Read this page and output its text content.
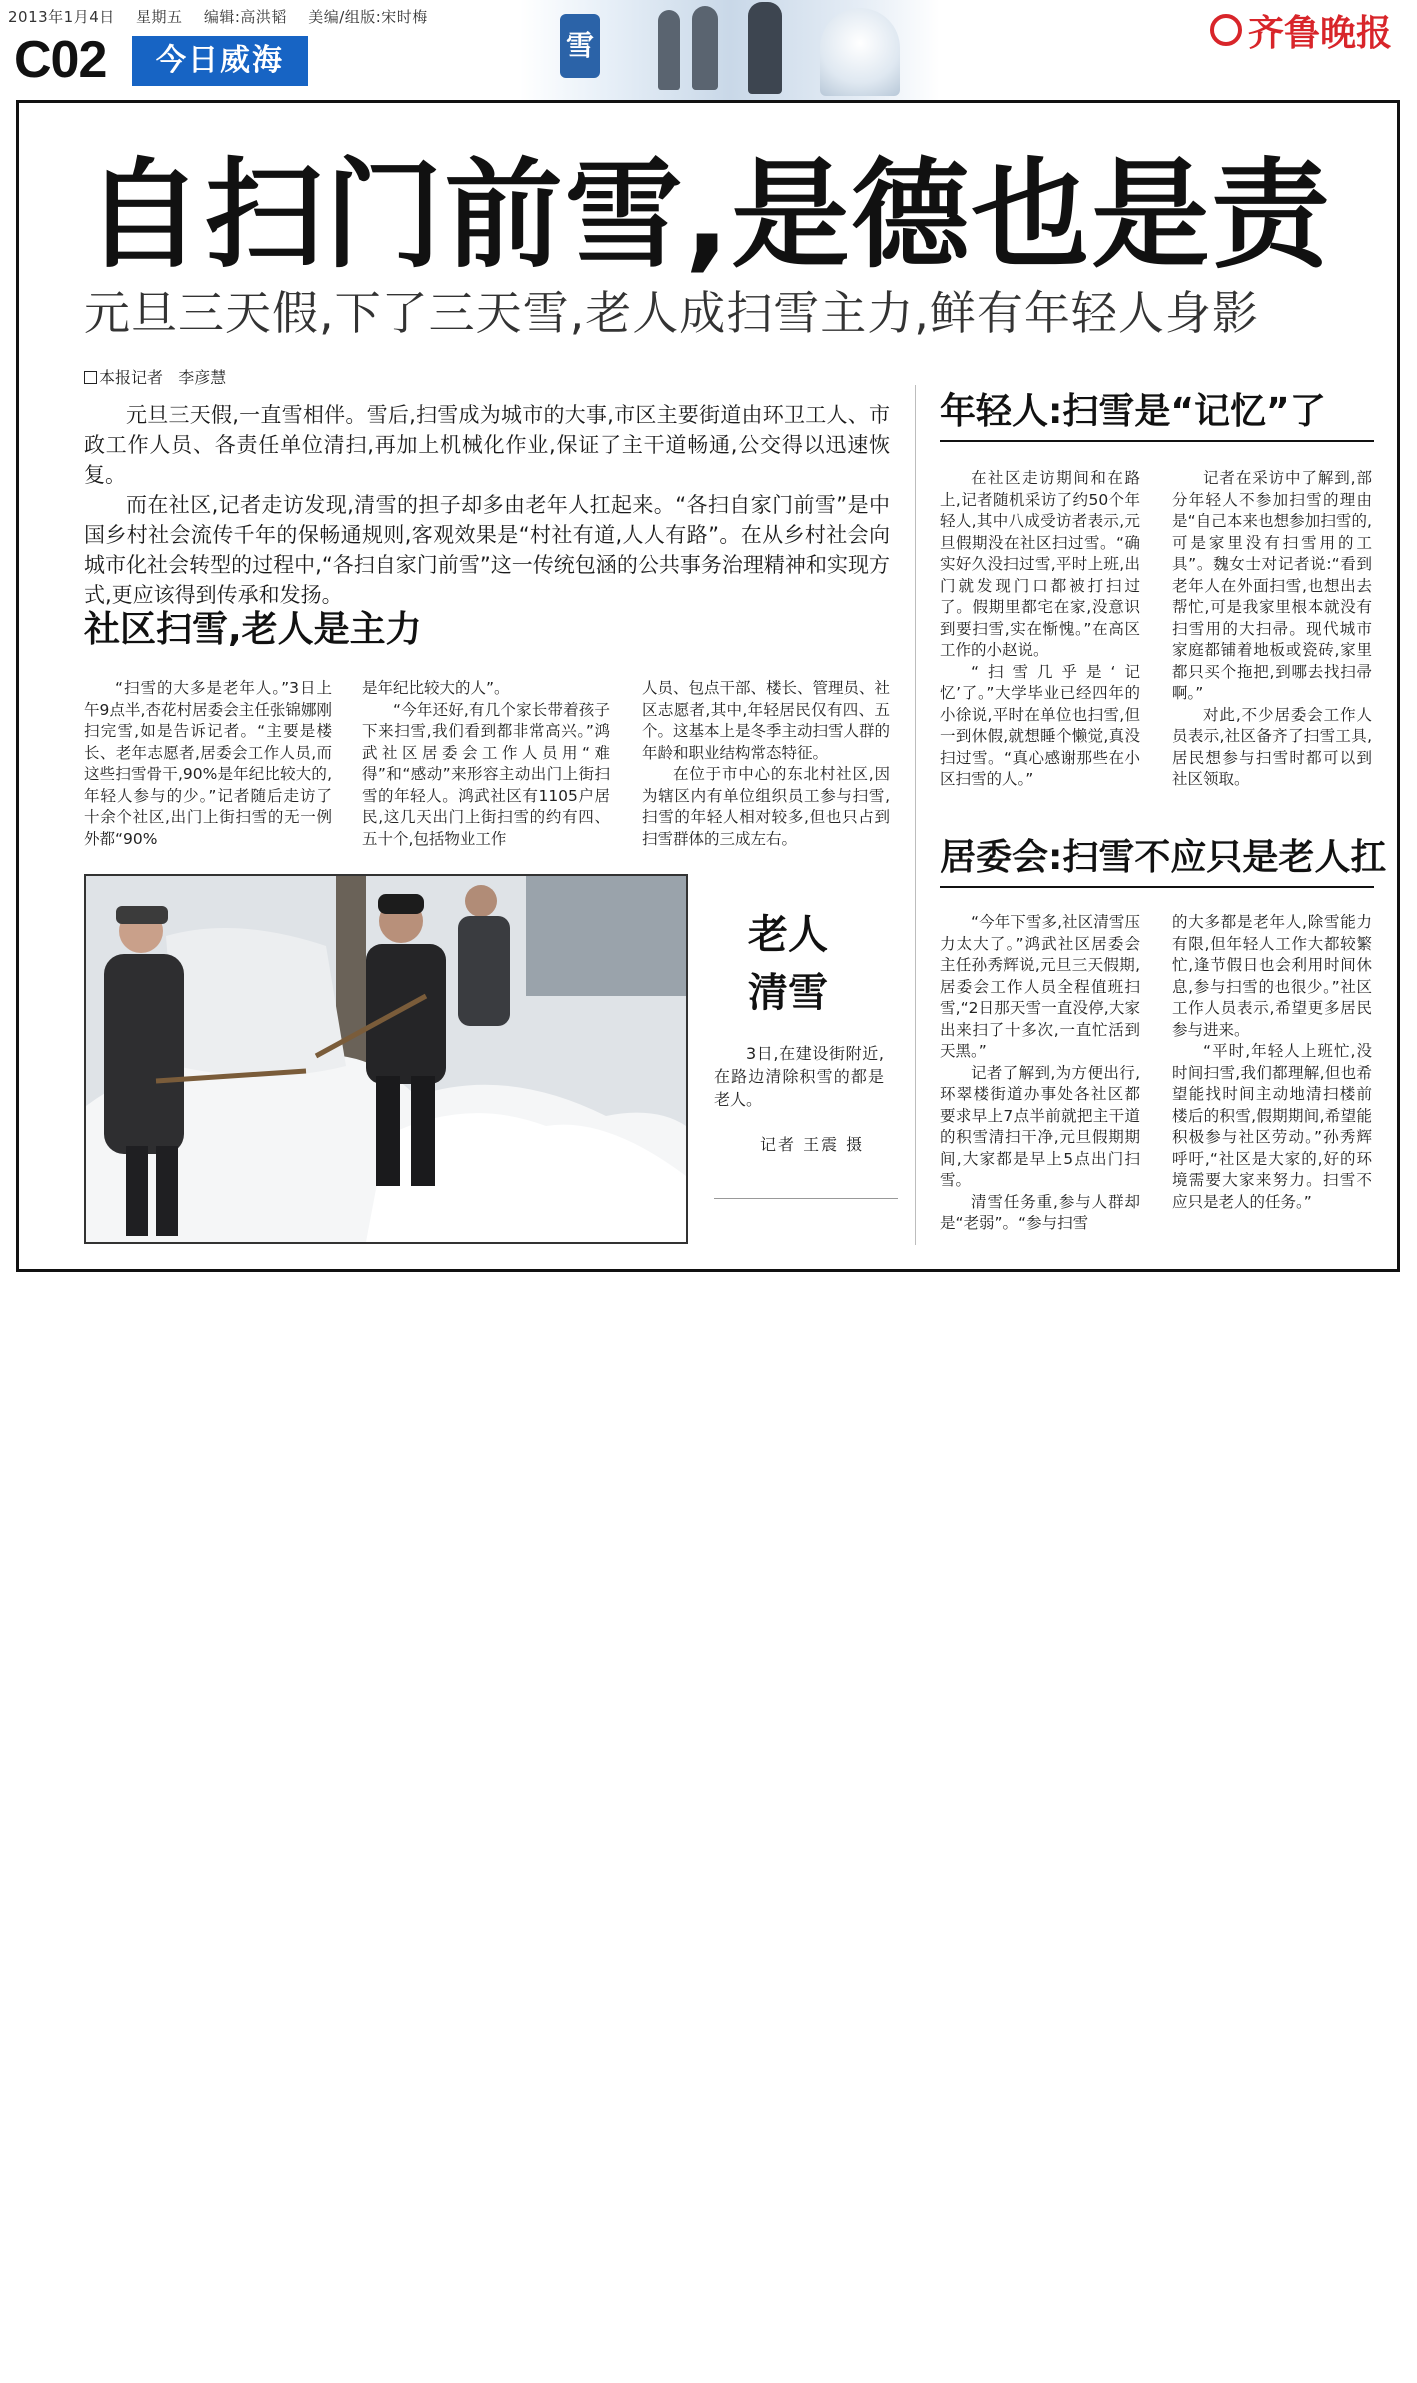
2013年1月4日 星期五 编辑:高洪韬 美编/组版:宋时梅
C02	今日威海	雪	齐鲁晚报
自扫门前雪,是德也是责
元旦三天假,下了三天雪,老人成扫雪主力,鲜有年轻人身影
本报记者 李彦慧

元旦三天假,一直雪相伴。雪后,扫雪成为城市的大事,市区主要街道由环卫工人、市政工作人员、各责任单位清扫,再加上机械化作业,保证了主干道畅通,公交得以迅速恢复。

而在社区,记者走访发现,清雪的担子却多由老年人扛起来。“各扫自家门前雪”是中国乡村社会流传千年的保畅通规则,客观效果是“村社有道,人人有路”。在从乡村社会向城市化社会转型的过程中,“各扫自家门前雪”这一传统包涵的公共事务治理精神和实现方式,更应该得到传承和发扬。

社区扫雪,老人是主力

“扫雪的大多是老年人。”3日上午9点半,杏花村居委会主任张锦娜刚扫完雪,如是告诉记者。“主要是楼长、老年志愿者,居委会工作人员,而这些扫雪骨干,90%是年纪比较大的,年轻人参与的少。”记者随后走访了十余个社区,出门上街扫雪的无一例外都“90%

是年纪比较大的人”。

“今年还好,有几个家长带着孩子下来扫雪,我们看到都非常高兴。”鸿武社区居委会工作人员用“难得”和“感动”来形容主动出门上街扫雪的年轻人。鸿武社区有1105户居民,这几天出门上街扫雪的约有四、五十个,包括物业工作

人员、包点干部、楼长、管理员、社区志愿者,其中,年轻居民仅有四、五个。这基本上是冬季主动扫雪人群的年龄和职业结构常态特征。

在位于市中心的东北村社区,因为辖区内有单位组织员工参与扫雪,扫雪的年轻人相对较多,但也只占到扫雪群体的三成左右。

年轻人:扫雪是“记忆”了

在社区走访期间和在路上,记者随机采访了约50个年轻人,其中八成受访者表示,元旦假期没在社区扫过雪。“确实好久没扫过雪,平时上班,出门就发现门口都被打扫过了。假期里都宅在家,没意识到要扫雪,实在惭愧。”在高区工作的小赵说。

“扫雪几乎是‘记忆’了。”大学毕业已经四年的小徐说,平时在单位也扫雪,但一到休假,就想睡个懒觉,真没扫过雪。“真心感谢那些在小区扫雪的人。”

记者在采访中了解到,部分年轻人不参加扫雪的理由是“自己本来也想参加扫雪的,可是家里没有扫雪用的工具”。魏女士对记者说:“看到老年人在外面扫雪,也想出去帮忙,可是我家里根本就没有扫雪用的大扫帚。现代城市家庭都铺着地板或瓷砖,家里都只买个拖把,到哪去找扫帚啊。”

对此,不少居委会工作人员表示,社区备齐了扫雪工具,居民想参与扫雪时都可以到社区领取。

居委会:扫雪不应只是老人扛

“今年下雪多,社区清雪压力太大了。”鸿武社区居委会主任孙秀辉说,元旦三天假期,居委会工作人员全程值班扫雪,“2日那天雪一直没停,大家出来扫了十多次,一直忙活到天黑。”

记者了解到,为方便出行,环翠楼街道办事处各社区都要求早上7点半前就把主干道的积雪清扫干净,元旦假期期间,大家都是早上5点出门扫雪。

清雪任务重,参与人群却是“老弱”。“参与扫雪

的大多都是老年人,除雪能力有限,但年轻人工作大都较繁忙,逢节假日也会利用时间休息,参与扫雪的也很少。”社区工作人员表示,希望更多居民参与进来。

“平时,年轻人上班忙,没时间扫雪,我们都理解,但也希望能找时间主动地清扫楼前楼后的积雪,假期期间,希望能积极参与社区劳动。”孙秀辉呼吁,“社区是大家的,好的环境需要大家来努力。扫雪不应只是老人的任务。”

老人
清雪
3日,在建设街附近,在路边清除积雪的都是老人。
记者 王震 摄
